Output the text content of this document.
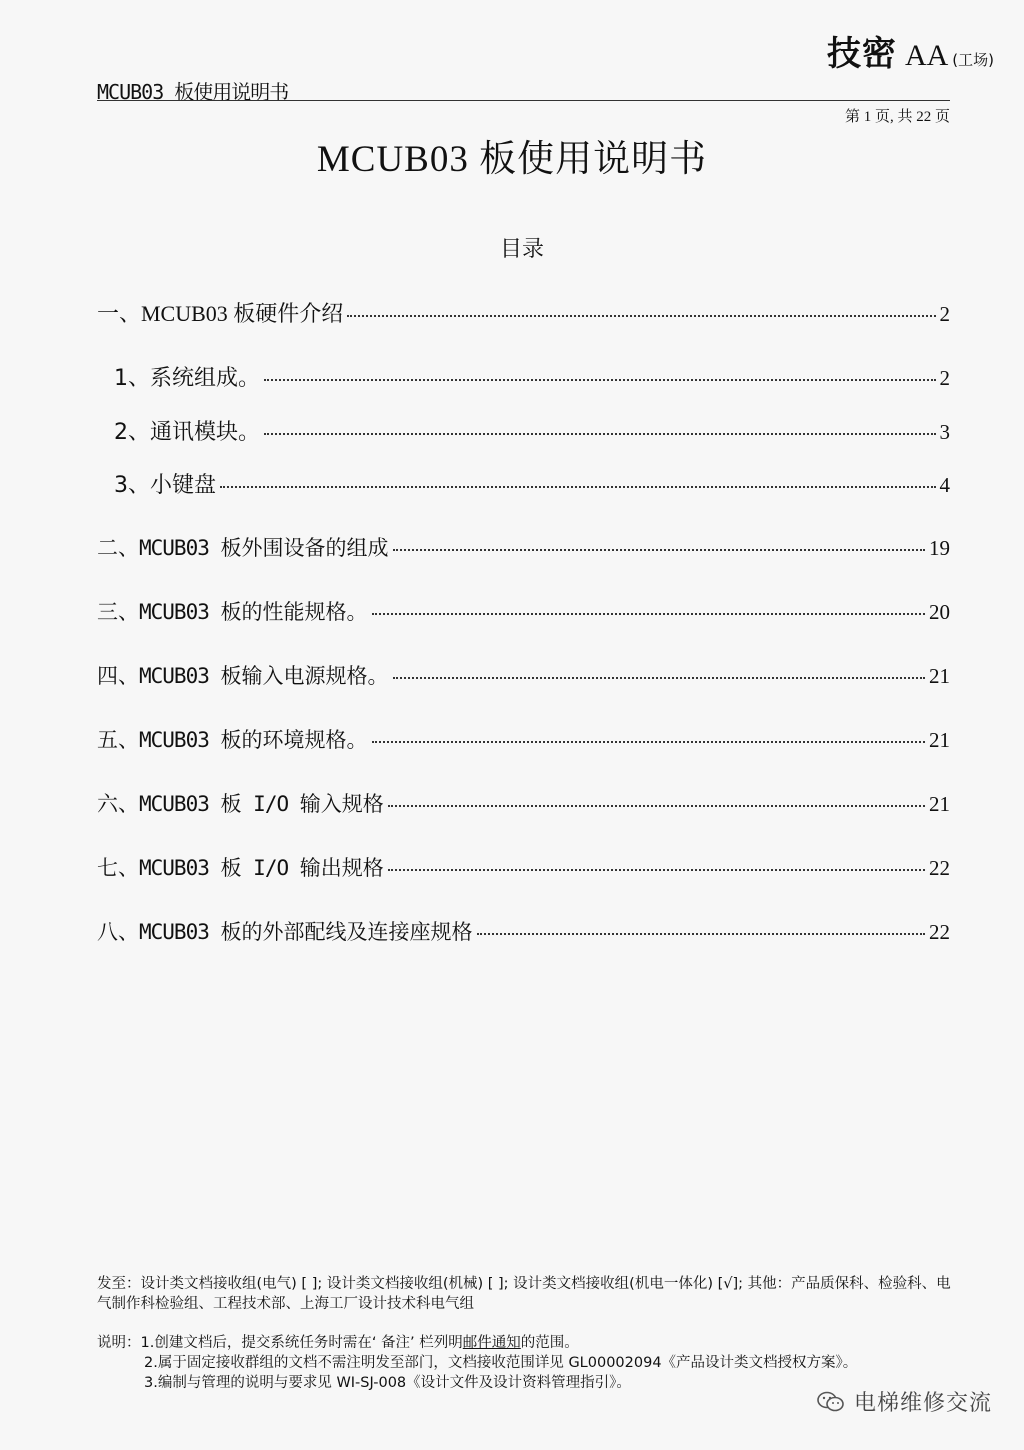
技密 AA (工场)
MCUB03 板使用说明书
第 1 页, 共 22 页
MCUB03 板使用说明书
目录
一、MCUB03 板硬件介绍	2
1、系统组成。	2
2、通讯模块。	3
3、小键盘	4
二、MCUB03 板外围设备的组成	19
三、MCUB03 板的性能规格。	20
四、MCUB03 板输入电源规格。	21
五、MCUB03 板的环境规格。	21
六、MCUB03 板 I/O 输入规格	21
七、MCUB03 板 I/O 输出规格	22
八、MCUB03 板的外部配线及连接座规格	22
发至：设计类文档接收组(电气) [ ]; 设计类文档接收组(机械) [ ]; 设计类文档接收组(机电一体化) [√]; 其他：产品质保科、检验科、电气制作科检验组、工程技术部、上海工厂设计技术科电气组
说明：1.创建文档后，提交系统任务时需在‘ 备注’ 栏列明邮件通知的范围。
2.属于固定接收群组的文档不需注明发至部门，文档接收范围详见 GL00002094《产品设计类文档授权方案》。
3.编制与管理的说明与要求见 WI-SJ-008《设计文件及设计资料管理指引》。
电梯维修交流
